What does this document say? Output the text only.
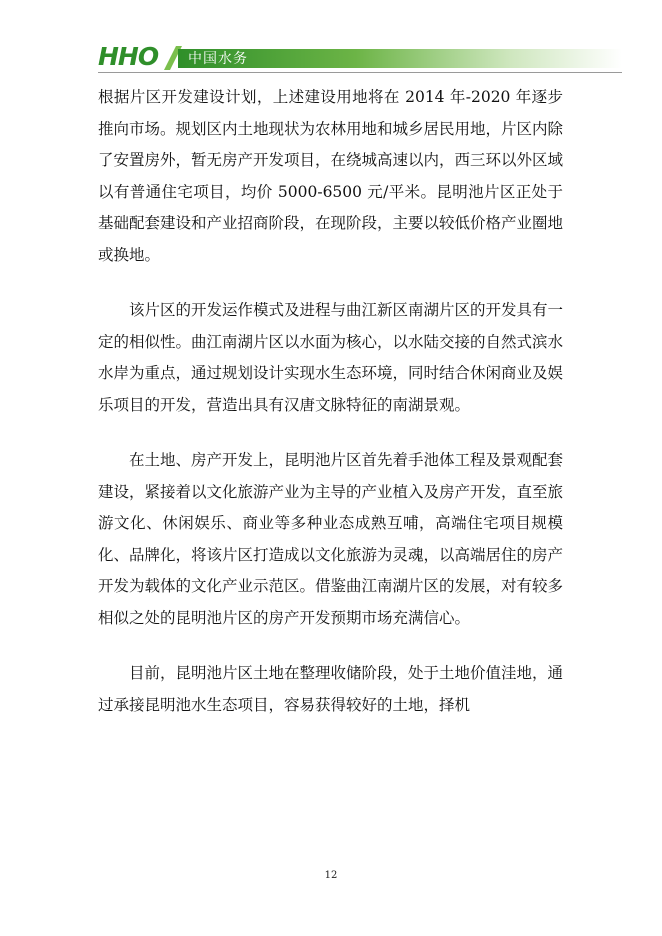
HHO 中国水务

根据片区开发建设计划，上述建设用地将在 2014 年-2020 年逐步推向市场。规划区内土地现状为农林用地和城乡居民用地，片区内除了安置房外，暂无房产开发项目，在绕城高速以内，西三环以外区域以有普通住宅项目，均价 5000-6500 元/平米。昆明池片区正处于基础配套建设和产业招商阶段，在现阶段，主要以较低价格产业圈地或换地。

该片区的开发运作模式及进程与曲江新区南湖片区的开发具有一定的相似性。曲江南湖片区以水面为核心，以水陆交接的自然式滨水水岸为重点，通过规划设计实现水生态环境，同时结合休闲商业及娱乐项目的开发，营造出具有汉唐文脉特征的南湖景观。

在土地、房产开发上，昆明池片区首先着手池体工程及景观配套建设，紧接着以文化旅游产业为主导的产业植入及房产开发，直至旅游文化、休闲娱乐、商业等多种业态成熟互哺，高端住宅项目规模化、品牌化，将该片区打造成以文化旅游为灵魂，以高端居住的房产开发为载体的文化产业示范区。借鉴曲江南湖片区的发展，对有较多相似之处的昆明池片区的房产开发预期市场充满信心。

目前，昆明池片区土地在整理收储阶段，处于土地价值洼地，通过承接昆明池水生态项目，容易获得较好的土地，择机

12
